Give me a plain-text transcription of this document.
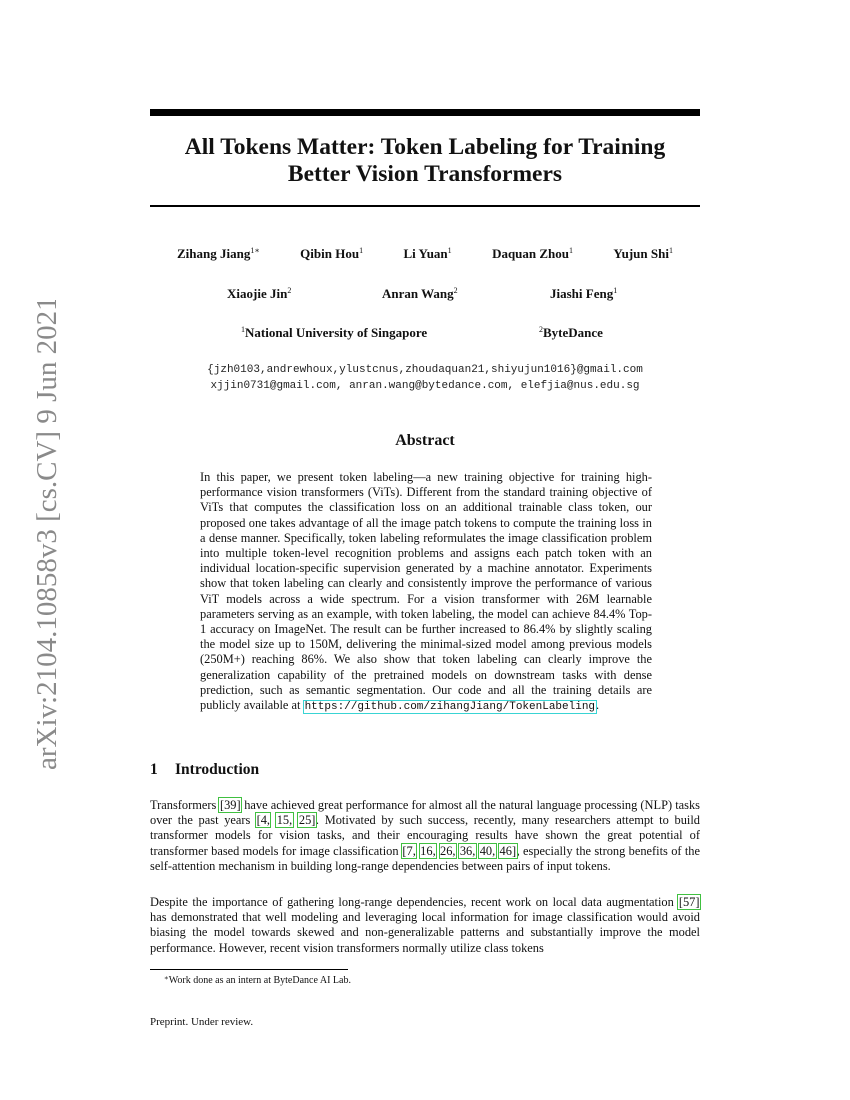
arXiv:2104.10858v3 [cs.CV] 9 Jun 2021
All Tokens Matter: Token Labeling for Training
Better Vision Transformers
Zihang Jiang$^{1∗}$	Qibin Hou$^1$	Li Yuan$^1$	Daquan Zhou$^1$	Yujun Shi$^1$
Xiaojie Jin$^2$	Anran Wang$^2$	Jiashi Feng$^1$
$^1$National University of Singapore	$^2$ByteDance
{jzh0103,andrewhoux,ylustcnus,zhoudaquan21,shiyujun1016}@gmail.com
xjjin0731@gmail.com, anran.wang@bytedance.com, elefjia@nus.edu.sg
Abstract

In this paper, we present token labeling—a new training objective for training high-performance vision transformers (ViTs). Different from the standard training objective of ViTs that computes the classification loss on an additional trainable class token, our proposed one takes advantage of all the image patch tokens to compute the training loss in a dense manner. Specifically, token labeling reformulates the image classification problem into multiple token-level recognition problems and assigns each patch token with an individual location-specific supervision generated by a machine annotator. Experiments show that token labeling can clearly and consistently improve the performance of various ViT models across a wide spectrum. For a vision transformer with 26M learnable parameters serving as an example, with token labeling, the model can achieve 84.4% Top-1 accuracy on ImageNet. The result can be further increased to 86.4% by slightly scaling the model size up to 150M, delivering the minimal-sized model among previous models (250M+) reaching 86%. We also show that token labeling can clearly improve the generalization capability of the pretrained models on downstream tasks with dense prediction, such as semantic segmentation. Our code and all the training details are publicly available at https://github.com/zihangJiang/TokenLabeling.

1 Introduction

Transformers [39] have achieved great performance for almost all the natural language processing (NLP) tasks over the past years [4, 15, 25]. Motivated by such success, recently, many researchers attempt to build transformer models for vision tasks, and their encouraging results have shown the great potential of transformer based models for image classification [7, 16, 26, 36, 40, 46], especially the strong benefits of the self-attention mechanism in building long-range dependencies between pairs of input tokens.

Despite the importance of gathering long-range dependencies, recent work on local data augmentation [57] has demonstrated that well modeling and leveraging local information for image classification would avoid biasing the model towards skewed and non-generalizable patterns and substantially improve the model performance. However, recent vision transformers normally utilize class tokens

∗Work done as an intern at ByteDance AI Lab.
Preprint. Under review.
